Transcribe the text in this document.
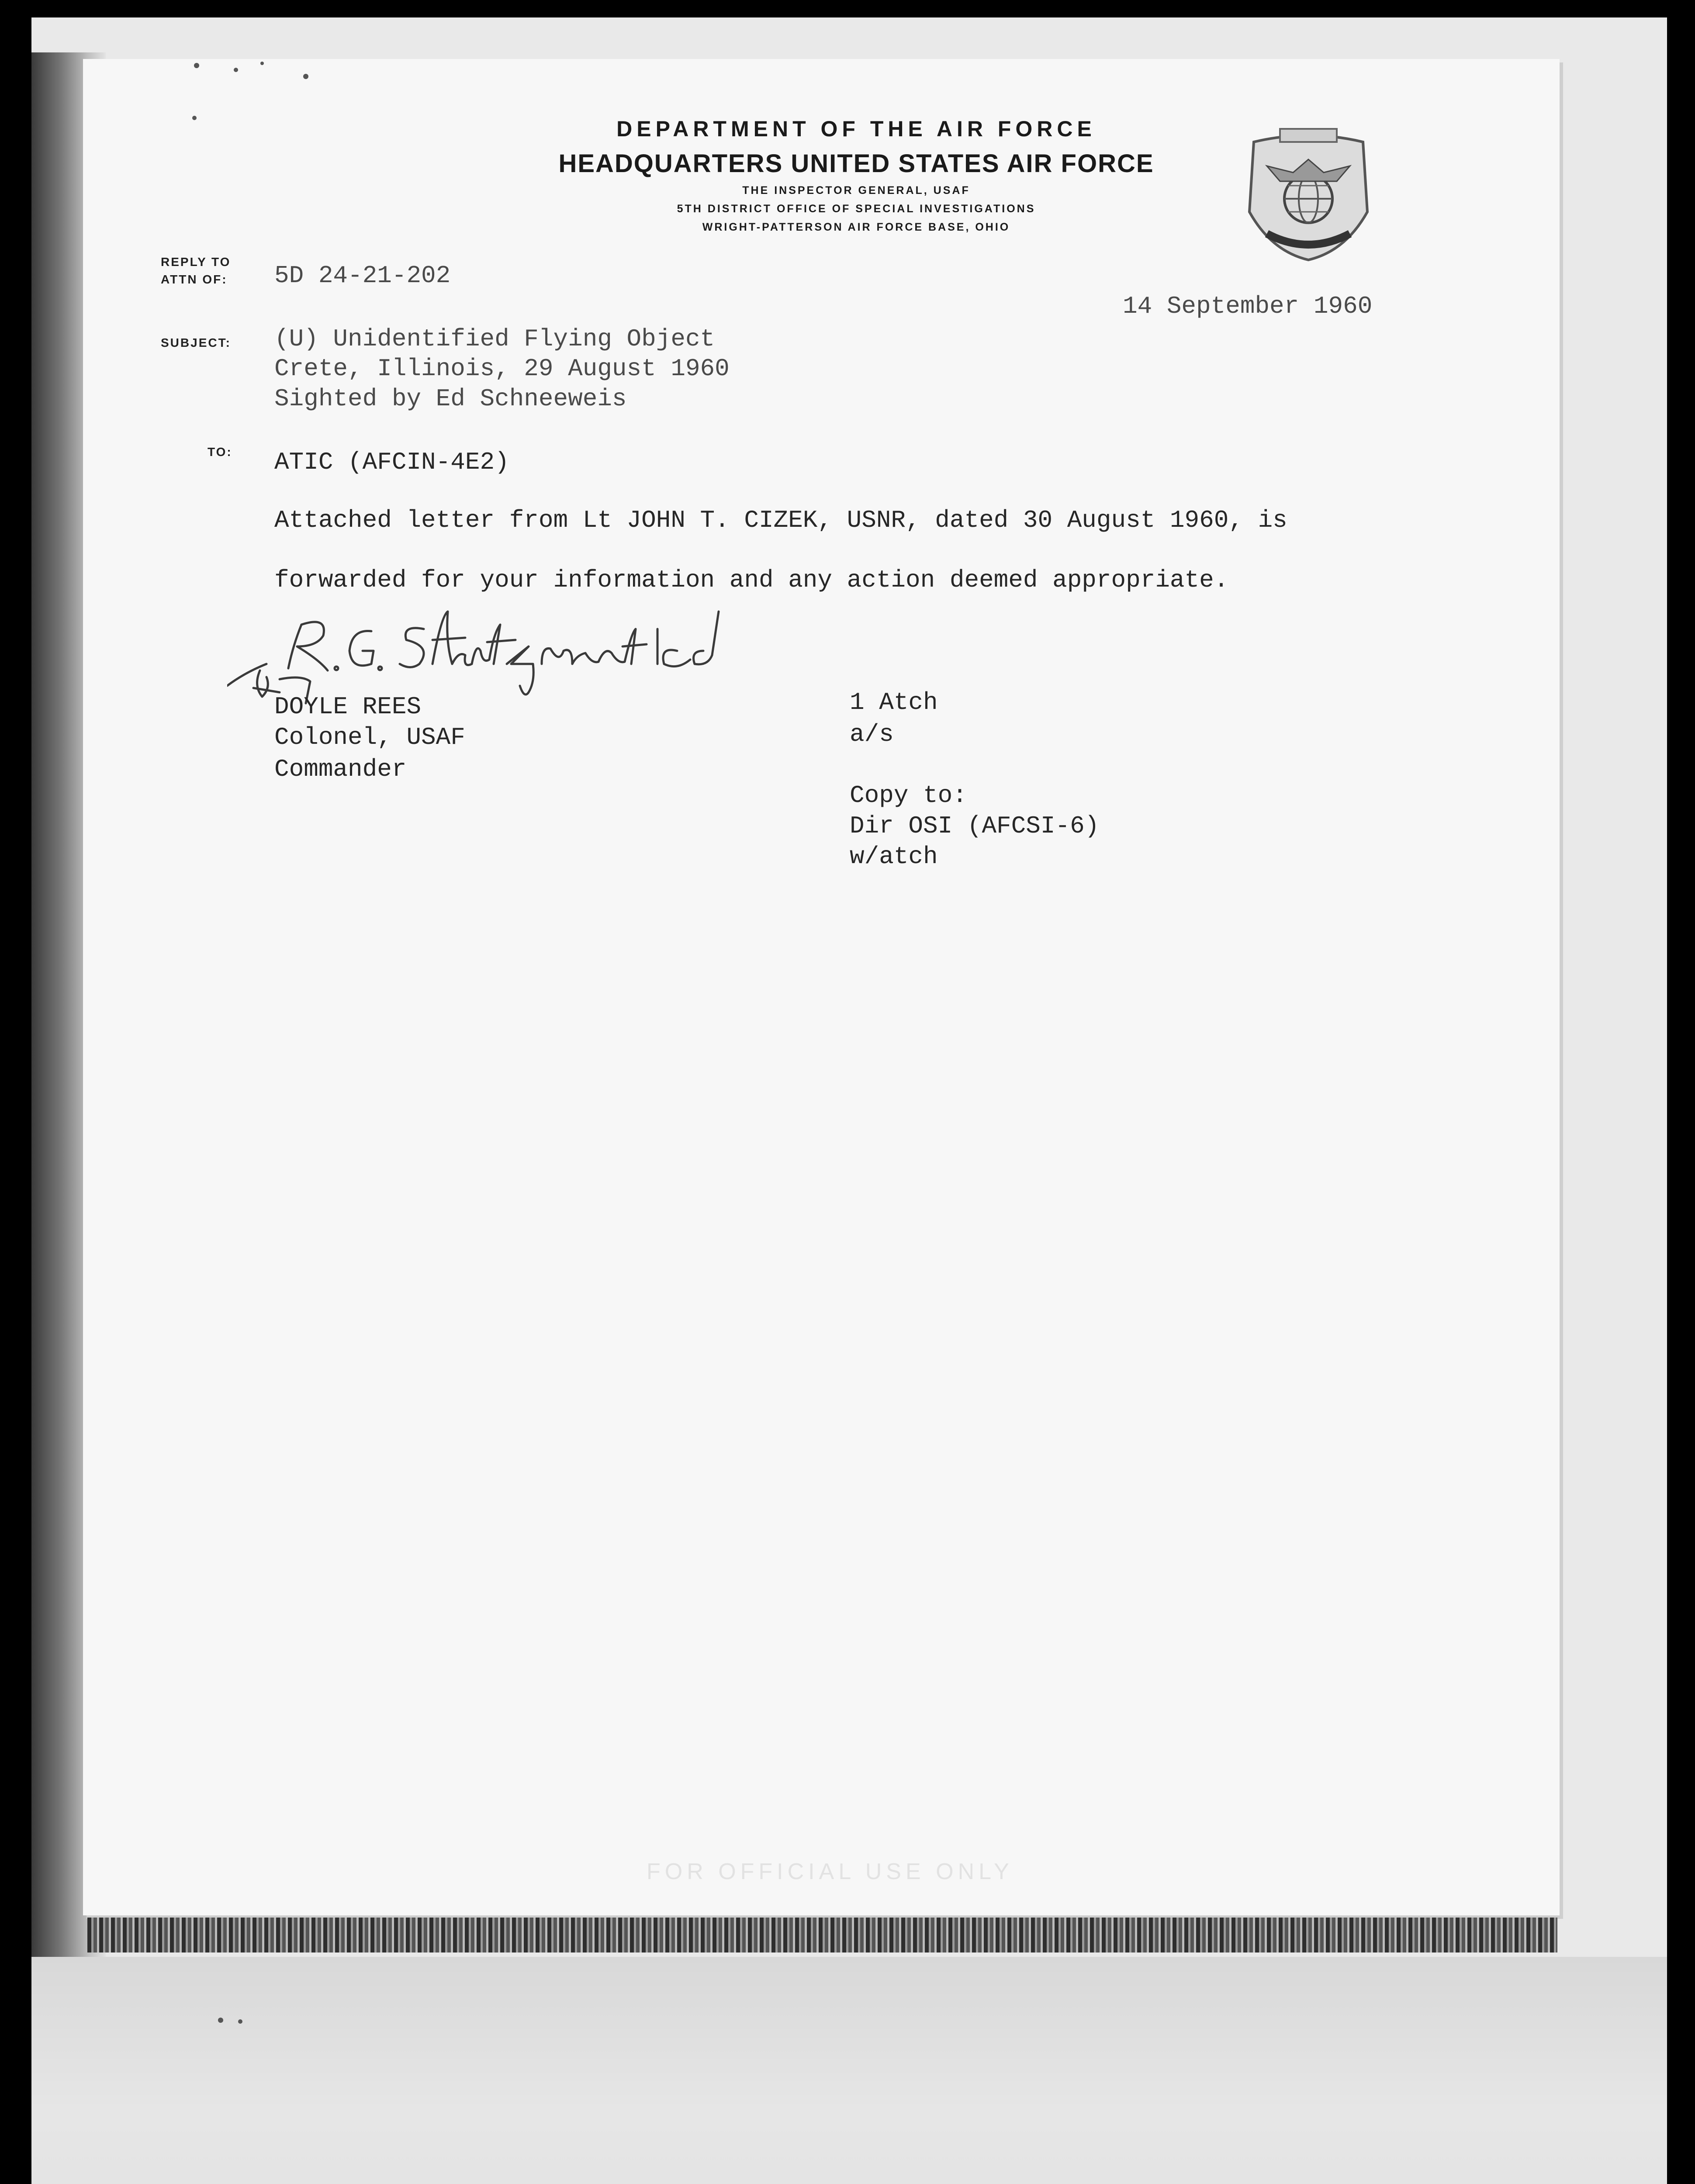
DEPARTMENT OF THE AIR FORCE
HEADQUARTERS UNITED STATES AIR FORCE
THE INSPECTOR GENERAL, USAF
5TH DISTRICT OFFICE OF SPECIAL INVESTIGATIONS
WRIGHT-PATTERSON AIR FORCE BASE, OHIO
REPLY TO
ATTN OF: 5D 24-21-202
14 September 1960
SUBJECT: (U) Unidentified Flying Object
Crete, Illinois, 29 August 1960
Sighted by Ed Schneeweis
TO: ATIC (AFCIN-4E2)
Attached letter from Lt JOHN T. CIZEK, USNR, dated 30 August 1960, is
forwarded for your information and any action deemed appropriate.
DOYLE REES
Colonel, USAF
Commander
1 Atch
a/s
Copy to:
Dir OSI (AFCSI-6)
w/atch
FOR OFFICIAL USE ONLY
